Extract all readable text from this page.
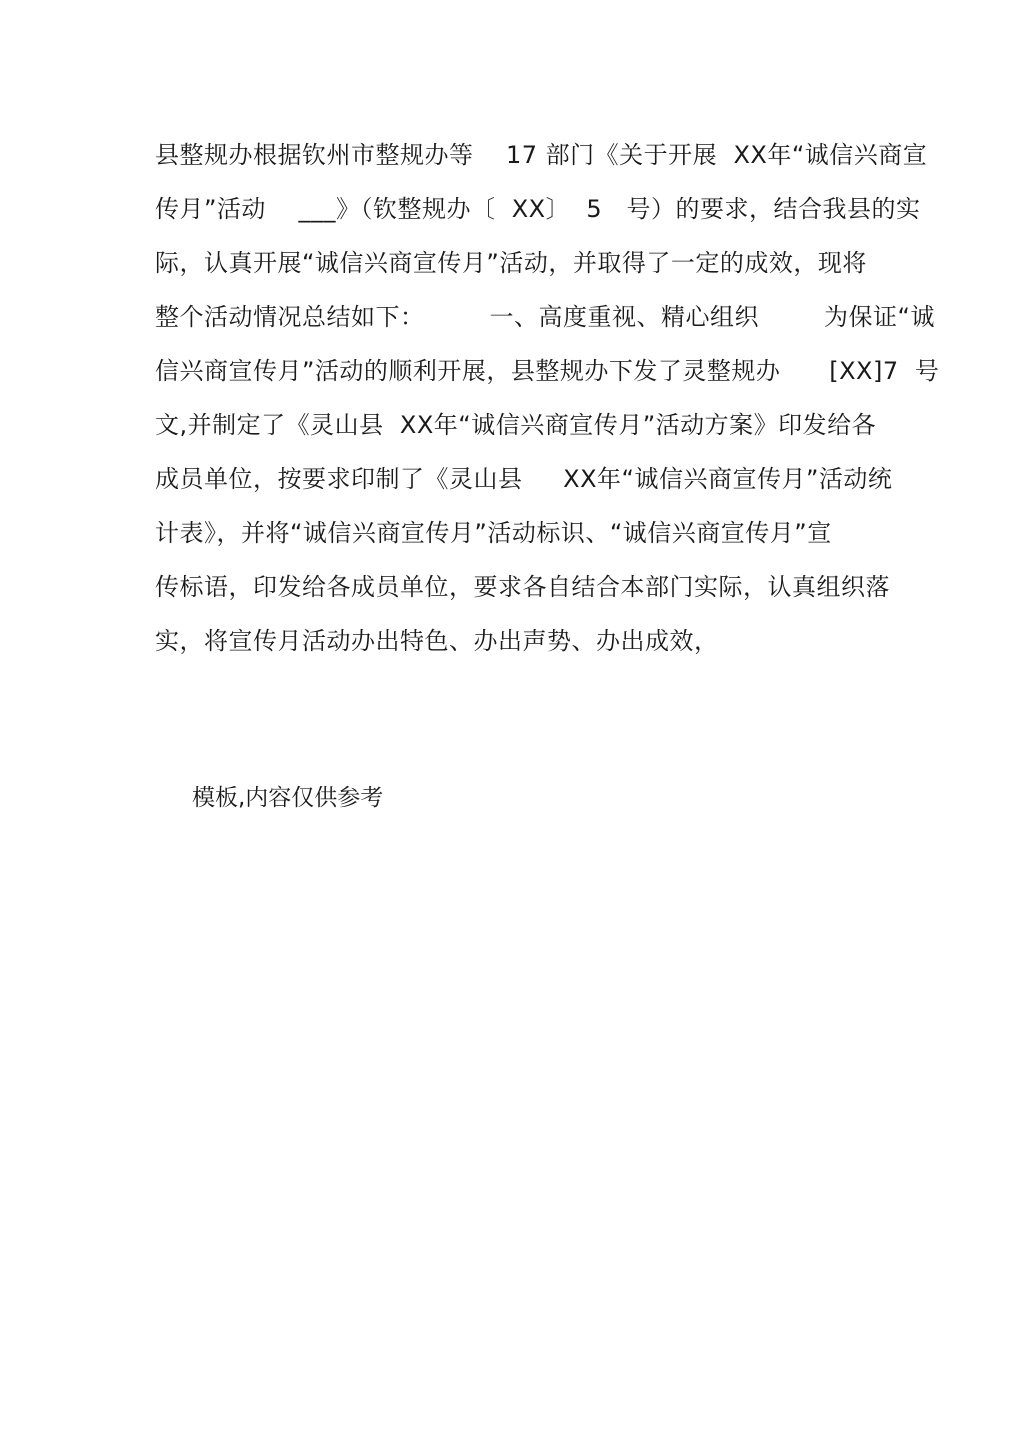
县整规办根据钦州市整规办等    17 部门《关于开展  XX年“诚信兴商宣
传月”活动    ___》（钦整规办〔  XX〕  5   号）的要求，结合我县的实
际，认真开展“诚信兴商宣传月”活动，并取得了一定的成效，现将
整个活动情况总结如下：        一、高度重视、精心组织        为保证“诚
信兴商宣传月”活动的顺利开展，县整规办下发了灵整规办      [XX]7  号
文,并制定了《灵山县  XX年“诚信兴商宣传月”活动方案》印发给各
成员单位，按要求印制了《灵山县     XX年“诚信兴商宣传月”活动统
计表》，并将“诚信兴商宣传月”活动标识、“诚信兴商宣传月”宣
传标语，印发给各成员单位，要求各自结合本部门实际，认真组织落
实，将宣传月活动办出特色、办出声势、办出成效，
模板,内容仅供参考
